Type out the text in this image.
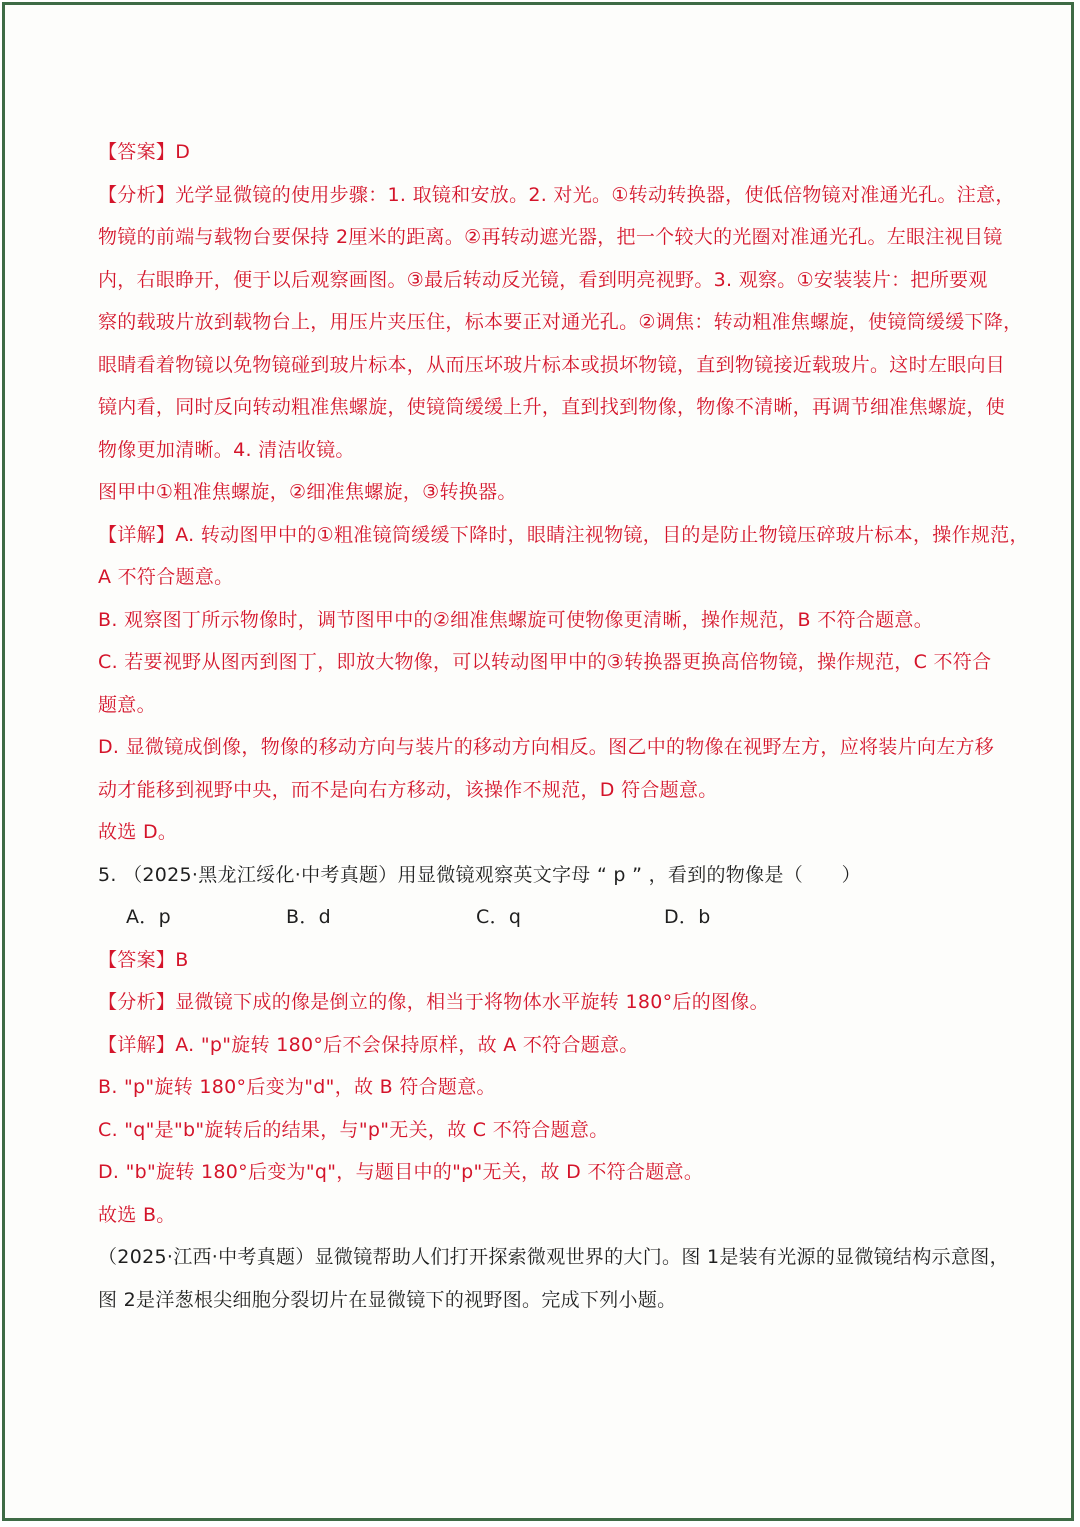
【答案】D
【分析】光学显微镜的使用步骤：1. 取镜和安放。2. 对光。①转动转换器，使低倍物镜对准通光孔。注意，
物镜的前端与载物台要保持 2厘米的距离。②再转动遮光器，把一个较大的光圈对准通光孔。左眼注视目镜
内，右眼睁开，便于以后观察画图。③最后转动反光镜，看到明亮视野。3. 观察。①安装装片：把所要观
察的载玻片放到载物台上，用压片夹压住，标本要正对通光孔。②调焦：转动粗准焦螺旋，使镜筒缓缓下降，
眼睛看着物镜以免物镜碰到玻片标本，从而压坏玻片标本或损坏物镜，直到物镜接近载玻片。这时左眼向目
镜内看，同时反向转动粗准焦螺旋，使镜筒缓缓上升，直到找到物像，物像不清晰，再调节细准焦螺旋，使
物像更加清晰。4. 清洁收镜。
图甲中①粗准焦螺旋，②细准焦螺旋，③转换器。
【详解】A. 转动图甲中的①粗准镜筒缓缓下降时，眼睛注视物镜，目的是防止物镜压碎玻片标本，操作规范，
A 不符合题意。
B. 观察图丁所示物像时，调节图甲中的②细准焦螺旋可使物像更清晰，操作规范，B 不符合题意。
C. 若要视野从图丙到图丁，即放大物像，可以转动图甲中的③转换器更换高倍物镜，操作规范，C 不符合
题意。
D. 显微镜成倒像，物像的移动方向与装片的移动方向相反。图乙中的物像在视野左方，应将装片向左方移
动才能移到视野中央，而不是向右方移动，该操作不规范，D 符合题意。
故选 D。
5. （2025·黑龙江绥化·中考真题）用显微镜观察英文字母 “ p ” ，看到的物像是（　　）
A．p	B．d	C．q	D．b
【答案】B
【分析】显微镜下成的像是倒立的像，相当于将物体水平旋转 180°后的图像。
【详解】A. "p"旋转 180°后不会保持原样，故 A 不符合题意。
B. "p"旋转 180°后变为"d"，故 B 符合题意。
C. "q"是"b"旋转后的结果，与"p"无关，故 C 不符合题意。
D. "b"旋转 180°后变为"q"，与题目中的"p"无关，故 D 不符合题意。
故选 B。
（2025·江西·中考真题）显微镜帮助人们打开探索微观世界的大门。图 1是装有光源的显微镜结构示意图，
图 2是洋葱根尖细胞分裂切片在显微镜下的视野图。完成下列小题。
